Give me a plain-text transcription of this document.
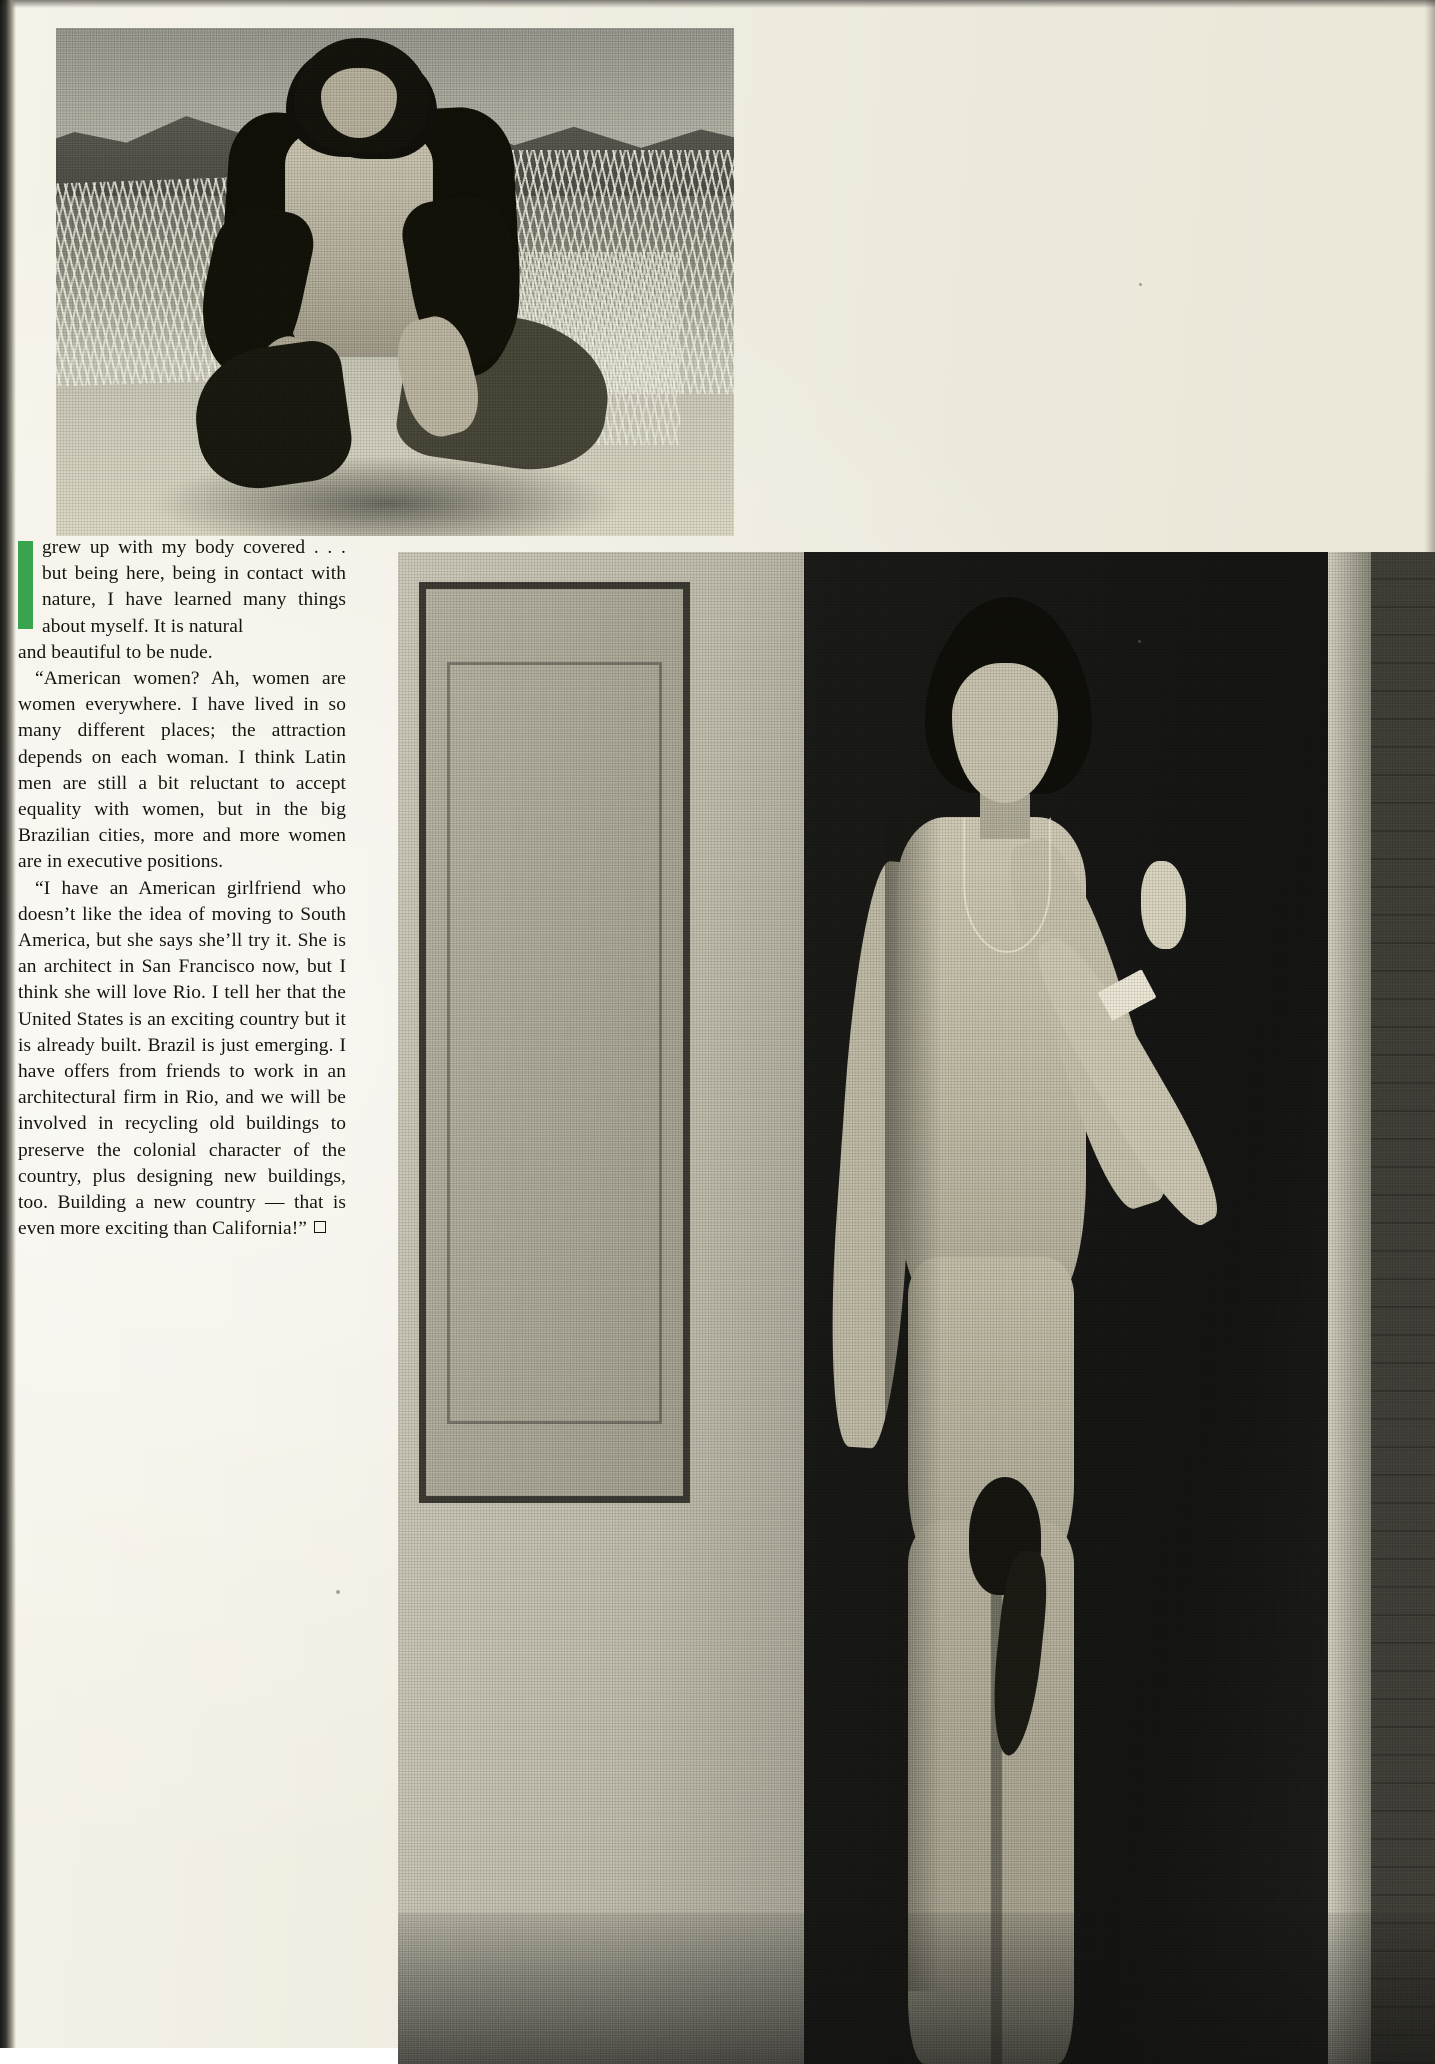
grew up with my body covered . . . but being here, being in contact with nature, I have learned many things about myself. It is natural

and beautiful to be nude.

“American women? Ah, women are women everywhere. I have lived in so many different places; the attraction depends on each woman. I think Latin men are still a bit reluctant to accept equality with women, but in the big Brazilian cities, more and more women are in executive positions.

“I have an American girlfriend who doesn’t like the idea of moving to South America, but she says she’ll try it. She is an architect in San Francisco now, but I think she will love Rio. I tell her that the United States is an exciting country but it is already built. Brazil is just emerging. I have offers from friends to work in an architectural firm in Rio, and we will be involved in recycling old buildings to preserve the colonial character of the country, plus designing new buildings, too. Building a new country — that is even more exciting than California!”
